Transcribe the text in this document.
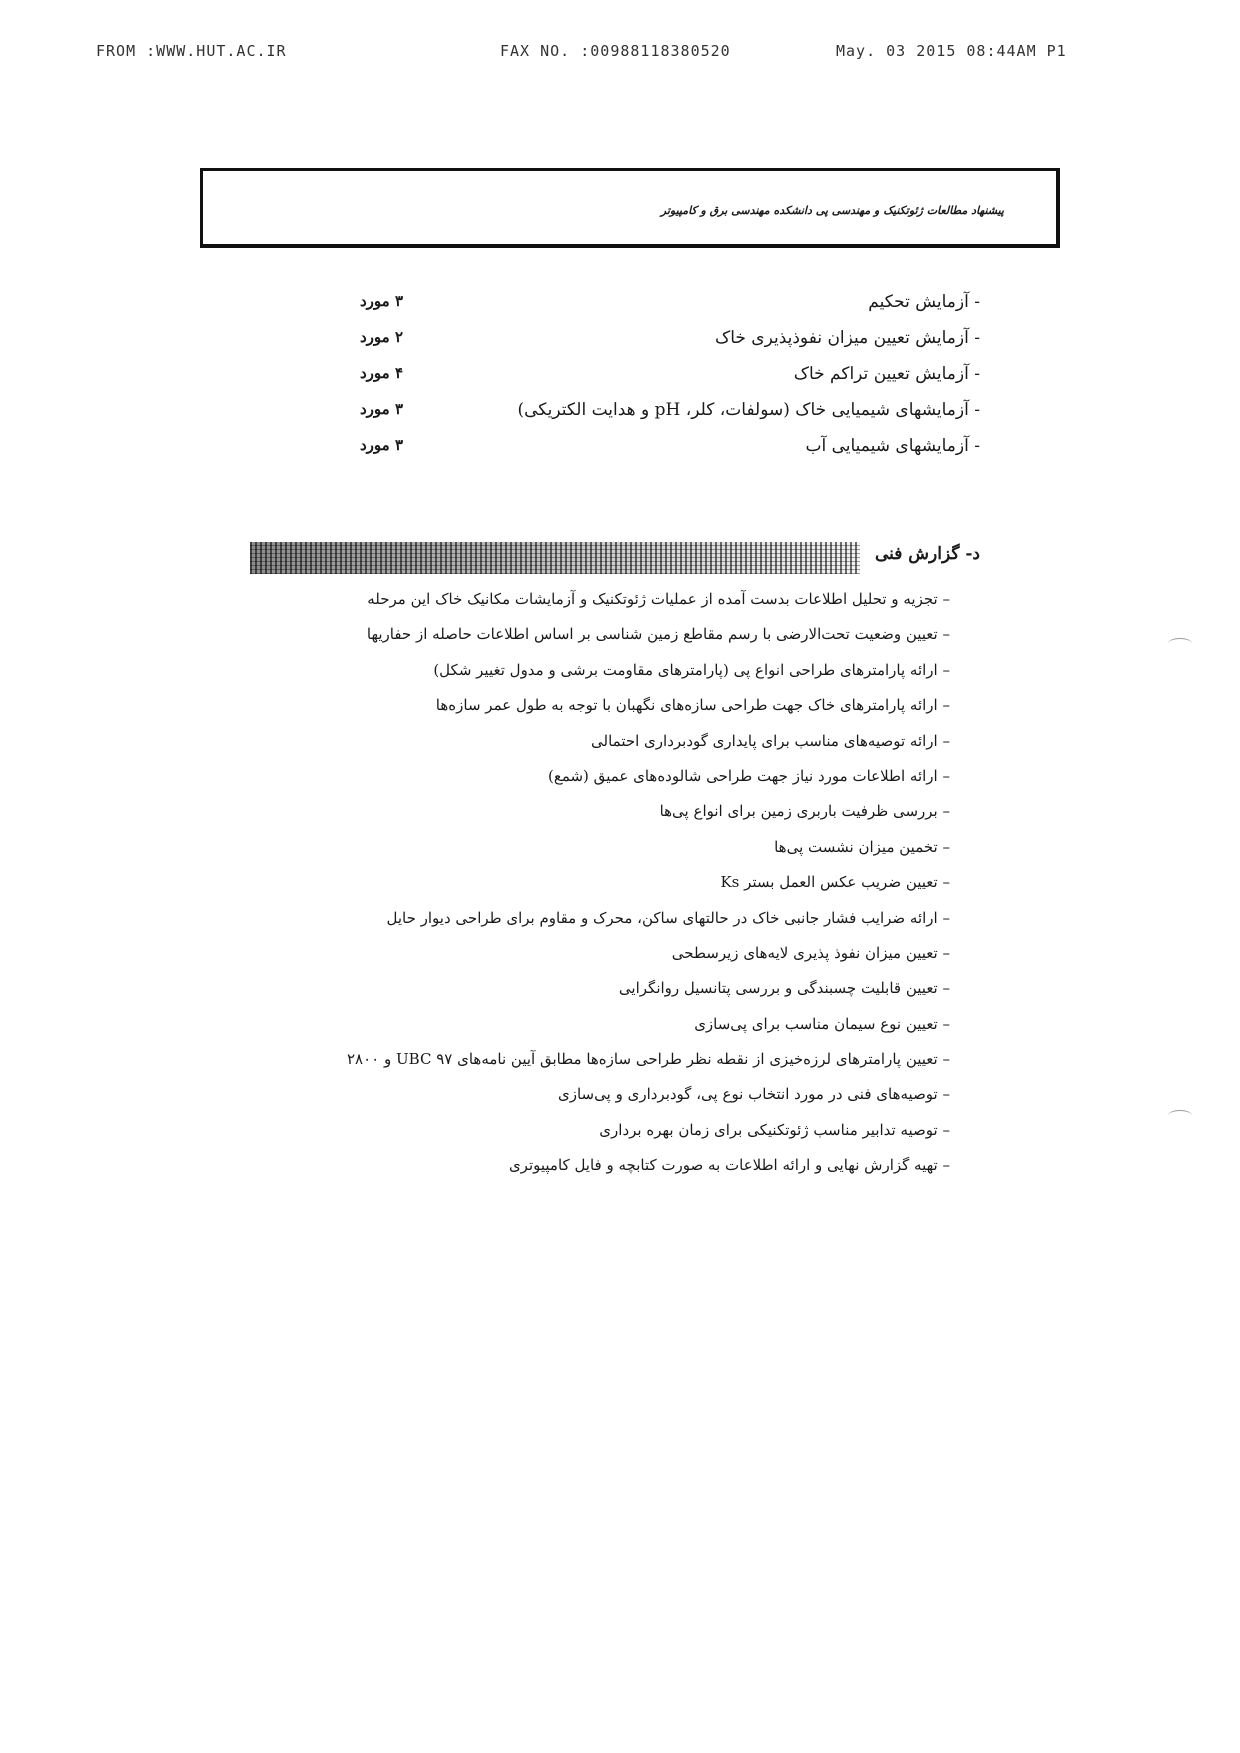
FROM :WWW.HUT.AC.IR	FAX NO. :00988118380520	May. 03 2015 08:44AM P1
پیشنهاد مطالعات ژئوتکنیک و مهندسی پی دانشکده مهندسی برق و کامپیوتر
- آزمایش تحکیم
۳ مورد
- آزمایش تعیین میزان نفوذپذیری خاک
۲ مورد
- آزمایش تعیین تراکم خاک
۴ مورد
- آزمایشهای شیمیایی خاک (سولفات، کلر، pH و هدایت الکتریکی)
۳ مورد
- آزمایشهای شیمیایی آب
۳ مورد
د- گزارش فنی
– تجزیه و تحلیل اطلاعات بدست آمده از عملیات ژئوتکنیک و آزمایشات مکانیک خاک این مرحله
– تعیین وضعیت تحت‌الارضی با رسم مقاطع زمین شناسی بر اساس اطلاعات حاصله از حفاریها
– ارائه پارامترهای طراحی انواع پی (پارامترهای مقاومت برشی و مدول تغییر شکل)
– ارائه پارامترهای خاک جهت طراحی سازه‌های نگهبان با توجه به طول عمر سازه‌ها
– ارائه توصیه‌های مناسب برای پایداری گودبرداری احتمالی
– ارائه اطلاعات مورد نیاز جهت طراحی شالوده‌های عمیق (شمع)
– بررسی ظرفیت باربری زمین برای انواع پی‌ها
– تخمین میزان نشست پی‌ها
– تعیین ضریب عکس العمل بستر Ks
– ارائه ضرایب فشار جانبی خاک در حالتهای ساکن، محرک و مقاوم برای طراحی دیوار حایل
– تعیین میزان نفوذ پذیری لایه‌های زیرسطحی
– تعیین قابلیت چسبندگی و بررسی پتانسیل روانگرایی
– تعیین نوع سیمان مناسب برای پی‌سازی
– تعیین پارامترهای لرزه‌خیزی از نقطه نظر طراحی سازه‌ها مطابق آیین نامه‌های UBC ۹۷ و ۲۸۰۰
– توصیه‌های فنی در مورد انتخاب نوع پی، گودبرداری و پی‌سازی
– توصیه تدابیر مناسب ژئوتکنیکی برای زمان بهره برداری
– تهیه گزارش نهایی و ارائه اطلاعات به صورت کتابچه و فایل کامپیوتری
